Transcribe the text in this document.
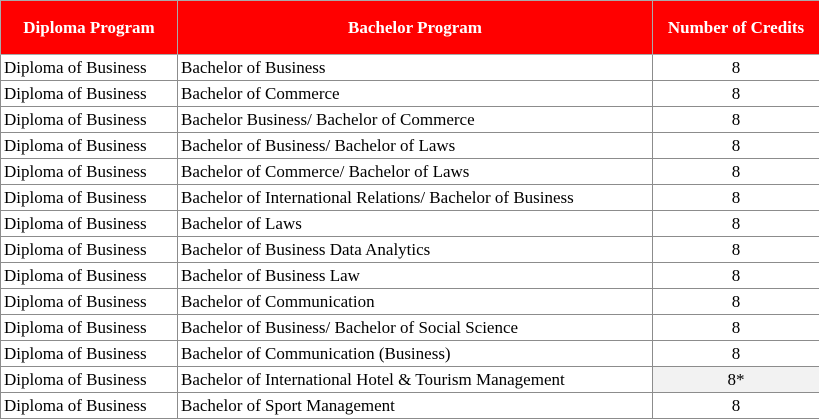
Diploma Program	Bachelor Program	Number of Credits
Diploma of Business	Bachelor of Business	8
Diploma of Business	Bachelor of Commerce	8
Diploma of Business	Bachelor Business/ Bachelor of Commerce	8
Diploma of Business	Bachelor of Business/ Bachelor of Laws	8
Diploma of Business	Bachelor of Commerce/ Bachelor of Laws	8
Diploma of Business	Bachelor of International Relations/ Bachelor of Business	8
Diploma of Business	Bachelor of Laws	8
Diploma of Business	Bachelor of Business Data Analytics	8
Diploma of Business	Bachelor of Business Law	8
Diploma of Business	Bachelor of Communication	8
Diploma of Business	Bachelor of Business/ Bachelor of Social Science	8
Diploma of Business	Bachelor of Communication (Business)	8
Diploma of Business	Bachelor of International Hotel & Tourism Management	8*
Diploma of Business	Bachelor of Sport Management	8
